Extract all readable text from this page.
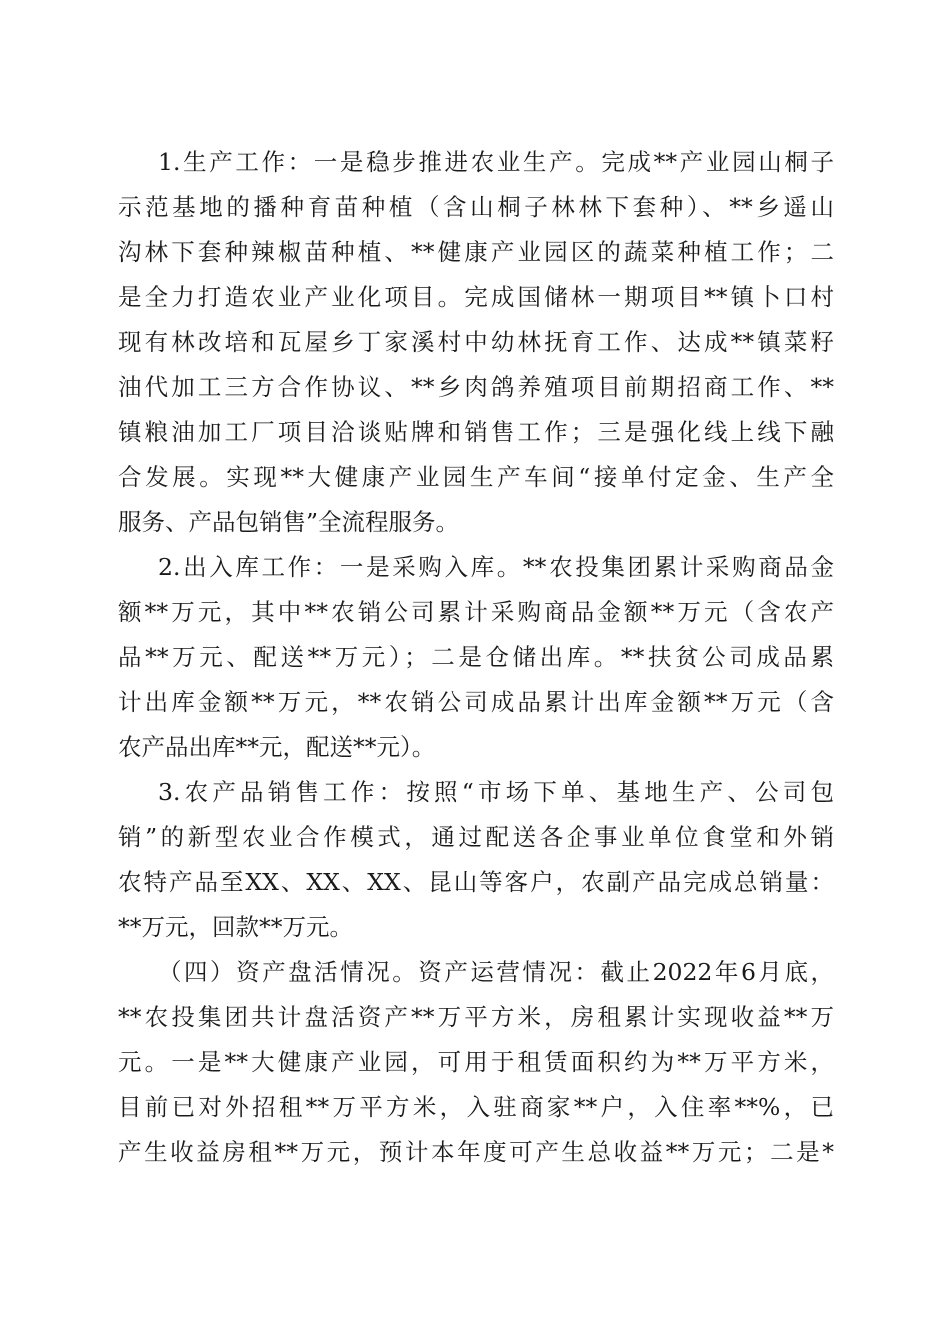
1.生产工作：一是稳步推进农业生产。完成**产业园山桐子
示范基地的播种育苗种植（含山桐子林林下套种）、**乡遥山
沟林下套种辣椒苗种植、**健康产业园区的蔬菜种植工作；二
是全力打造农业产业化项目。完成国储林一期项目**镇卜口村
现有林改培和瓦屋乡丁家溪村中幼林抚育工作、达成**镇菜籽
油代加工三方合作协议、**乡肉鸽养殖项目前期招商工作、**
镇粮油加工厂项目洽谈贴牌和销售工作；三是强化线上线下融
合发展。实现**大健康产业园生产车间“接单付定金、生产全
服务、产品包销售”全流程服务。
2.出入库工作：一是采购入库。**农投集团累计采购商品金
额**万元，其中**农销公司累计采购商品金额**万元（含农产
品**万元、配送**万元）；二是仓储出库。**扶贫公司成品累
计出库金额**万元，**农销公司成品累计出库金额**万元（含
农产品出库**元，配送**元）。
3.农产品销售工作：按照“市场下单、基地生产、公司包
销”的新型农业合作模式，通过配送各企事业单位食堂和外销
农特产品至XX、XX、XX、昆山等客户，农副产品完成总销量：
**万元，回款**万元。
（四）资产盘活情况。资产运营情况：截止2022年6月底，
**农投集团共计盘活资产**万平方米，房租累计实现收益**万
元。一是**大健康产业园，可用于租赁面积约为**万平方米，
目前已对外招租**万平方米，入驻商家**户，入住率**%，已
产生收益房租**万元，预计本年度可产生总收益**万元；二是*
